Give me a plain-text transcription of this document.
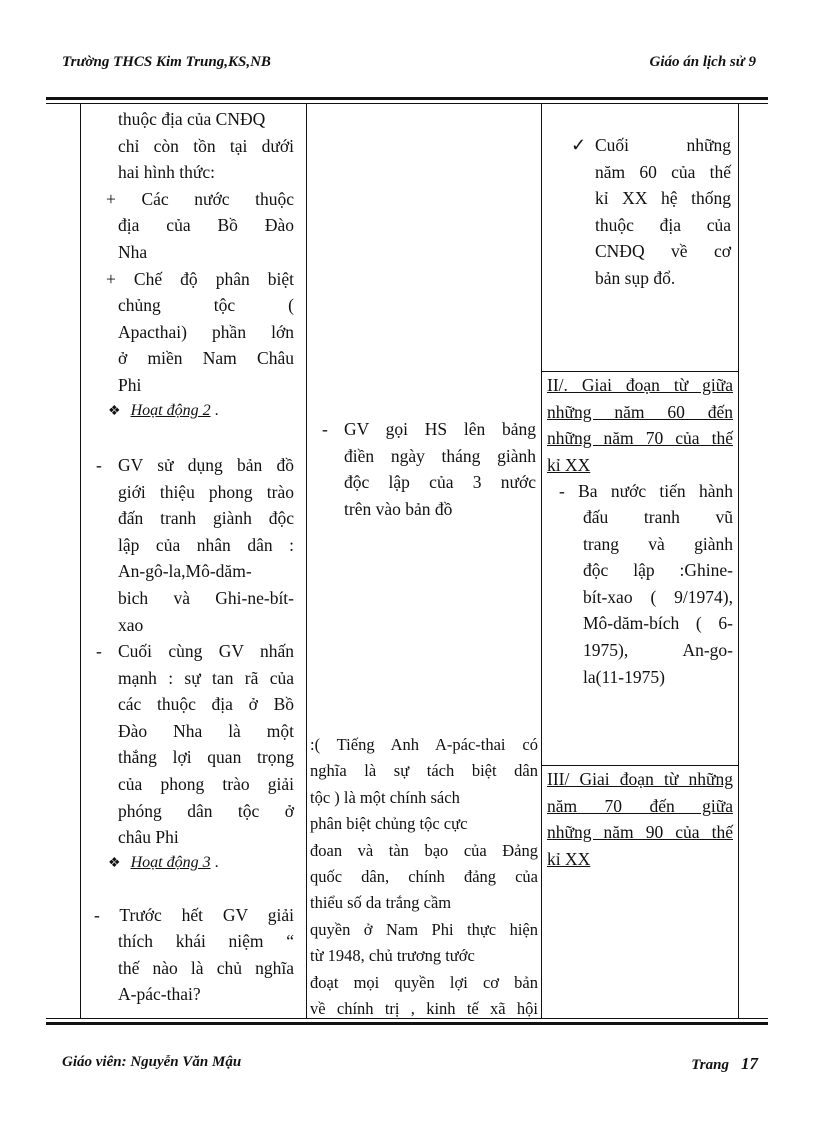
Trường THCS Kim Trung,KS,NB	Giáo án lịch sử 9

thuộc địa của CNĐQ

chỉ còn tồn tại dưới

hai hình thức:

+ Các nước thuộc

địa của Bồ Đào

Nha

+ Chế độ phân biệt

chủng tộc (

Apacthai) phần lớn

ở miền Nam Châu

Phi

❖ Hoạt động 2 .
- GV sử dụng bản đồ

giới thiệu phong trào

đấn tranh giành độc

lập của nhân dân :

An-gô-la,Mô-dăm-

bich và Ghi-ne-bít-

xao

- Cuối cùng GV nhấn

mạnh : sự tan rã của

các thuộc địa ở Bồ

Đào Nha là một

thắng lợi quan trọng

của phong trào giải

phóng dân tộc ở

châu Phi

❖ Hoạt động 3 .

- Trước hết GV giải

thích khái niệm “

thế nào là chủ nghĩa

A-pác-thai?

- GV gọi HS lên bảng

điền ngày tháng giành

độc lập của 3 nước

trên vào bản đồ

:( Tiếng Anh A-pác-thai có

nghĩa là sự tách biệt dân

tộc ) là một chính sách

phân biệt chủng tộc cực

đoan và tàn bạo của Đảng

quốc dân, chính đảng của

thiểu số da trắng cầm

quyền ở Nam Phi thực hiện

từ 1948, chủ trương tước

đoạt mọi quyền lợi cơ bản

về chính trị , kinh tế xã hội

✓ Cuối những

năm 60 của thế

kỉ XX hệ thống

thuộc địa của

CNĐQ về cơ

bản sụp đổ.

II/. Giai đoạn từ giữa

những năm 60 đến

những năm 70 của thế

kỉ XX

- Ba nước tiến hành

đấu tranh vũ

trang và giành

độc lập :Ghine-

bít-xao ( 9/1974),

Mô-dăm-bích ( 6-

1975), An-go-

la(11-1975)

III/ Giai đoạn từ những

năm 70 đến giữa

những năm 90 của thế

kỉ XX

Giáo viên: Nguyễn Văn Mậu	Trang 17
